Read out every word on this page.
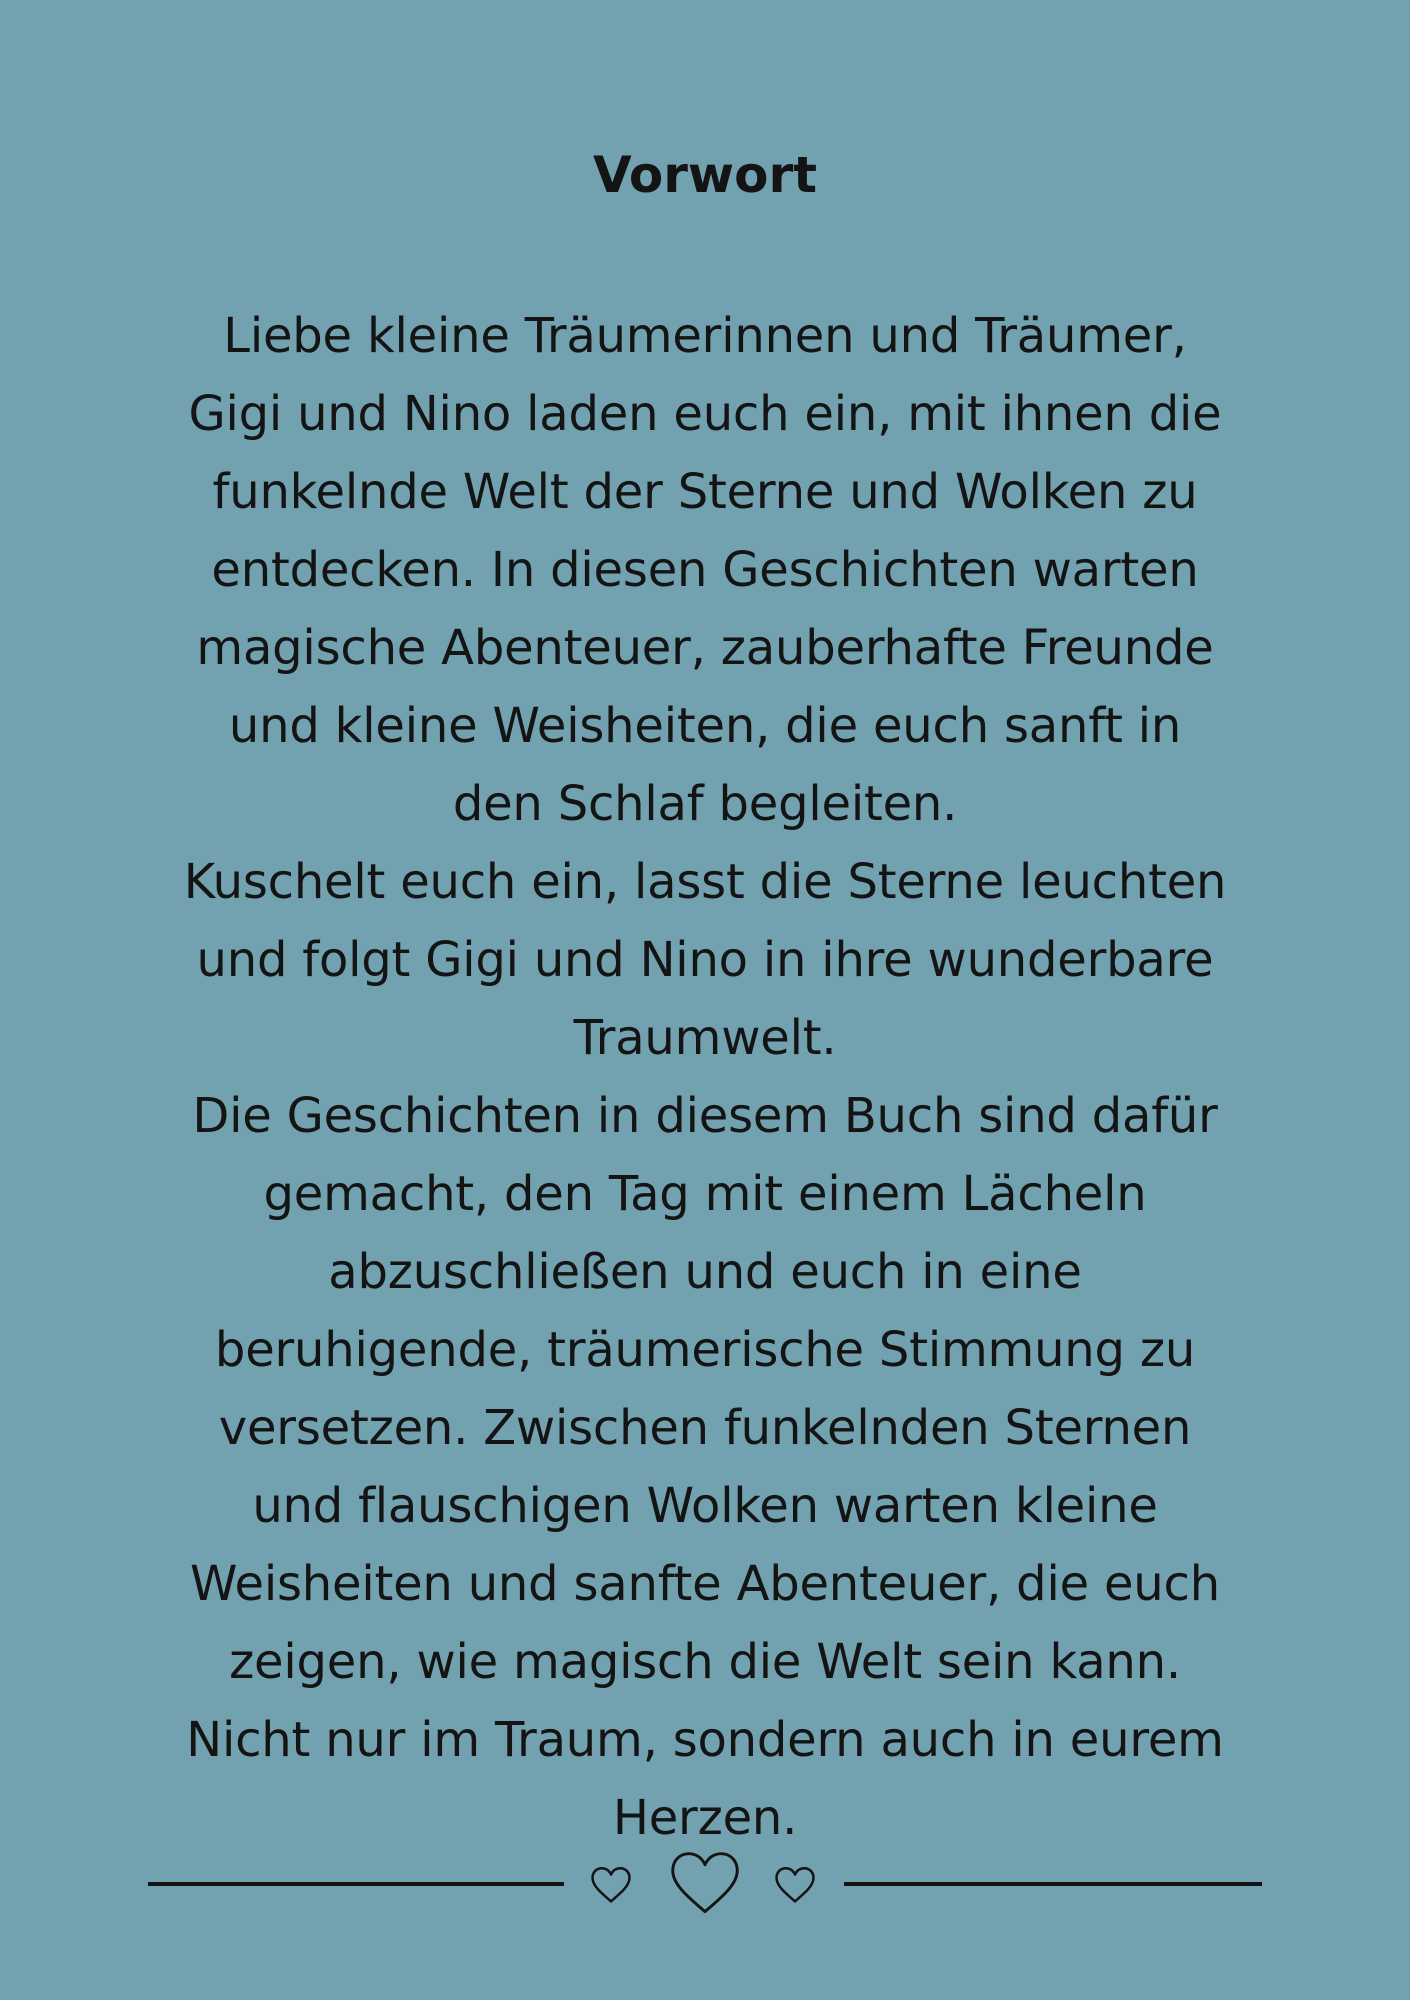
Vorwort
Liebe kleine Träumerinnen und Träumer,
Gigi und Nino laden euch ein, mit ihnen die
funkelnde Welt der Sterne und Wolken zu
entdecken. In diesen Geschichten warten
magische Abenteuer, zauberhafte Freunde
und kleine Weisheiten, die euch sanft in
den Schlaf begleiten.
Kuschelt euch ein, lasst die Sterne leuchten
und folgt Gigi und Nino in ihre wunderbare
Traumwelt.
Die Geschichten in diesem Buch sind dafür
gemacht, den Tag mit einem Lächeln
abzuschließen und euch in eine
beruhigende, träumerische Stimmung zu
versetzen. Zwischen funkelnden Sternen
und flauschigen Wolken warten kleine
Weisheiten und sanfte Abenteuer, die euch
zeigen, wie magisch die Welt sein kann.
Nicht nur im Traum, sondern auch in eurem
Herzen.
